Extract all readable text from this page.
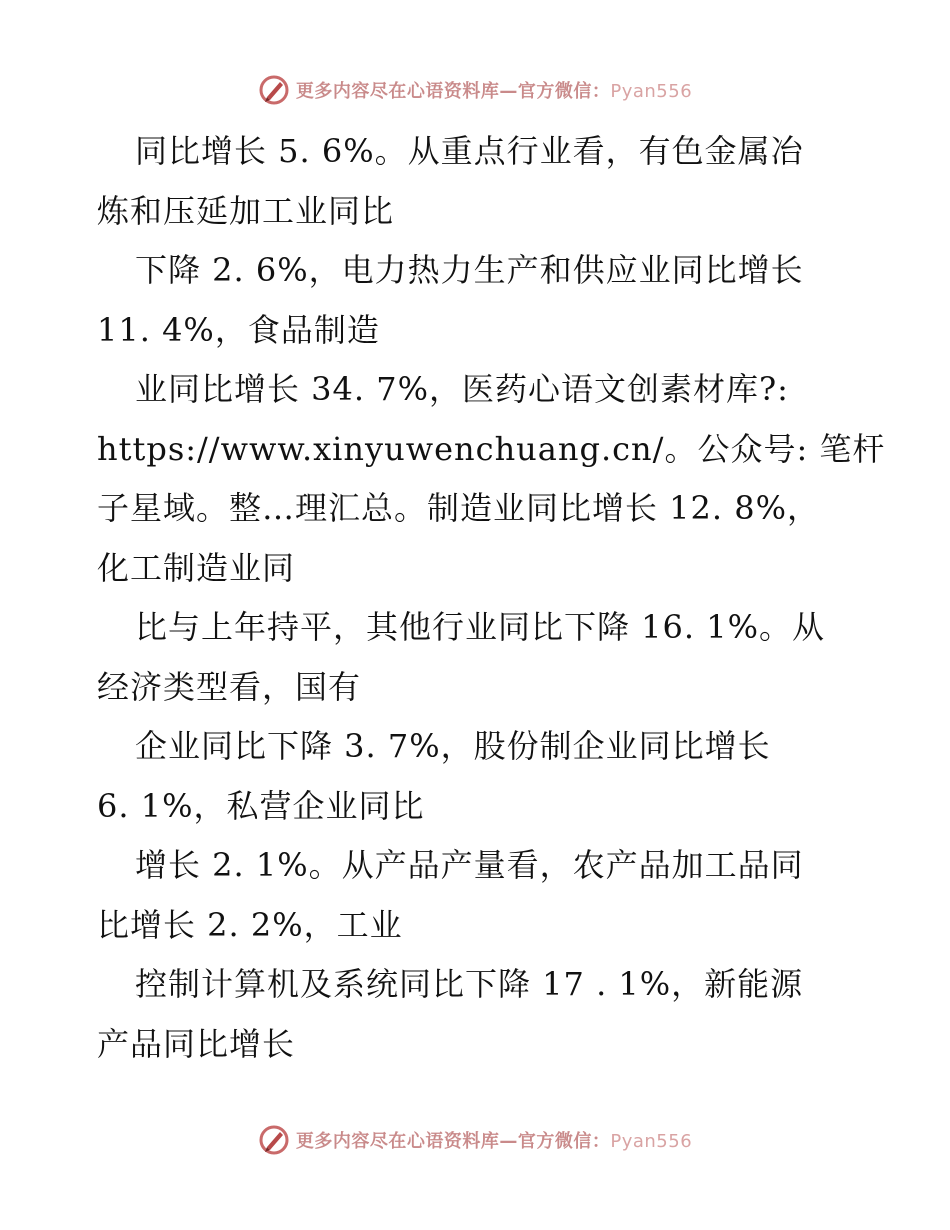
更多内容尽在心语资料库—官方微信：Pyan556
同比增长 5. 6%。从重点行业看，有色金属冶
炼和压延加工业同比
下降 2. 6%，电力热力生产和供应业同比增长
11. 4%，食品制造
业同比增长 34. 7%，医药心语文创素材库?:
https://www.xinyuwenchuang.cn/。公众号: 笔杆
子星域。整…理汇总。制造业同比增长 12. 8%，
化工制造业同
比与上年持平，其他行业同比下降 16. 1%。从
经济类型看，国有
企业同比下降 3. 7%，股份制企业同比增长
6. 1%，私营企业同比
增长 2. 1%。从产品产量看，农产品加工品同
比增长 2. 2%，工业
控制计算机及系统同比下降 17 . 1%，新能源
产品同比增长
更多内容尽在心语资料库—官方微信：Pyan556
